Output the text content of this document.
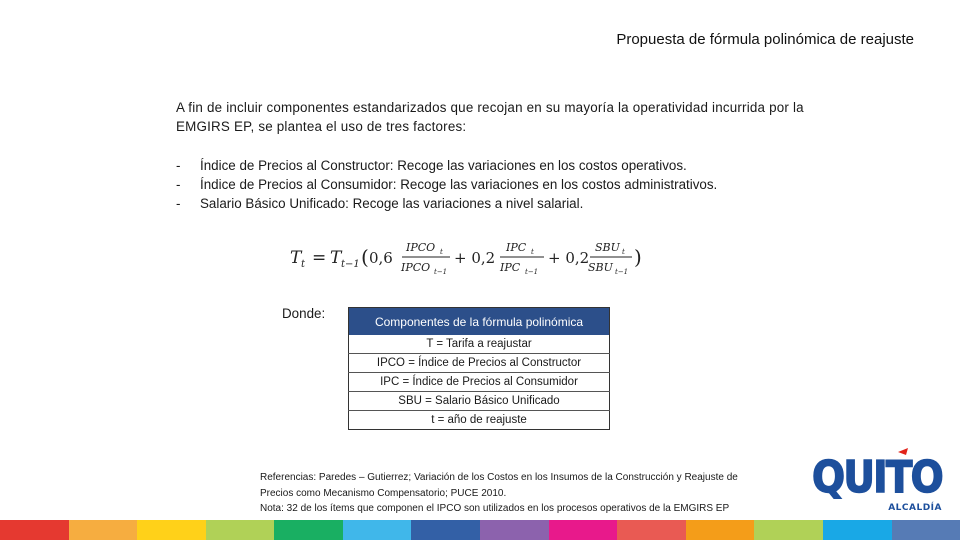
Propuesta de fórmula polinómica de reajuste
A fin de incluir componentes estandarizados que recojan en su mayoría la operatividad incurrida por la EMGIRS EP, se plantea el uso de tres factores:
-	Índice de Precios al Constructor: Recoge las variaciones en los costos operativos.
-	Índice de Precios al Consumidor: Recoge las variaciones en los costos administrativos.
-	Salario Básico Unificado: Recoge las variaciones a nivel salarial.
T t = T t−1 ( 0,6
IPCO t
IPCO t−1
+ 0,2
IPC t
IPC t−1
+ 0,2
SBU t
SBU t−1
)
Donde:
Componentes de la fórmula polinómica
T = Tarifa a reajustar
IPCO = Índice de Precios al Constructor
IPC = Índice de Precios al Consumidor
SBU = Salario Básico Unificado
t = año de reajuste
Referencias: Paredes – Gutierrez; Variación de los Costos en los Insumos de la Construcción y Reajuste de
Precios como Mecanismo Compensatorio; PUCE 2010.
Nota: 32 de los ítems que componen el IPCO son utilizados en los procesos operativos de la EMGIRS EP
QUITO
ALCALDÍA
